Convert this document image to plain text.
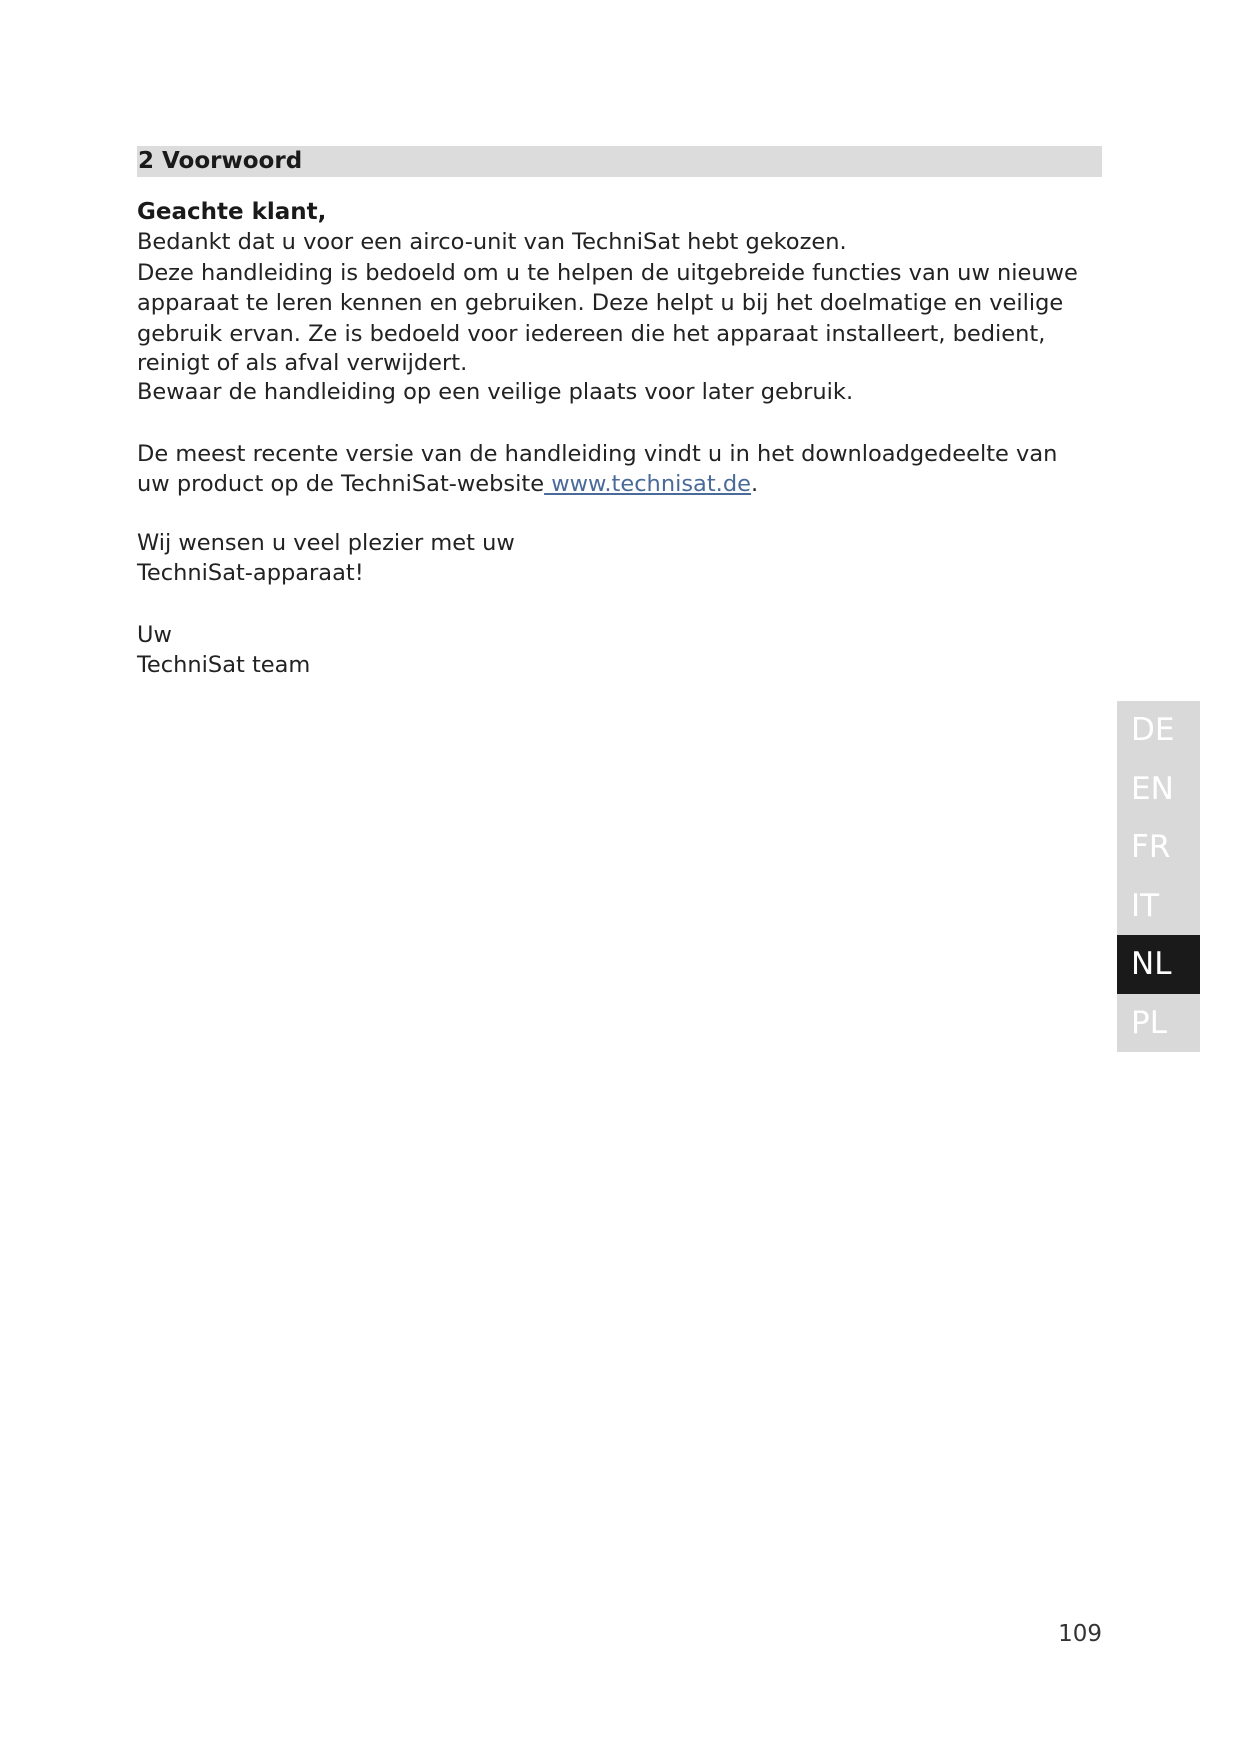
2 Voorwoord

Geachte klant,

Bedankt dat u voor een airco-unit van TechniSat hebt gekozen.

Deze handleiding is bedoeld om u te helpen de uitgebreide functies van uw nieuwe

apparaat te leren kennen en gebruiken. Deze helpt u bij het doelmatige en veilige

gebruik ervan. Ze is bedoeld voor iedereen die het apparaat installeert, bedient,

reinigt of als afval verwijdert.

Bewaar de handleiding op een veilige plaats voor later gebruik.

De meest recente versie van de handleiding vindt u in het downloadgedeelte van

uw product op de TechniSat-website www.technisat.de.

Wij wensen u veel plezier met uw

TechniSat-apparaat!

Uw

TechniSat team

DE
EN
FR
IT
NL
PL
109
